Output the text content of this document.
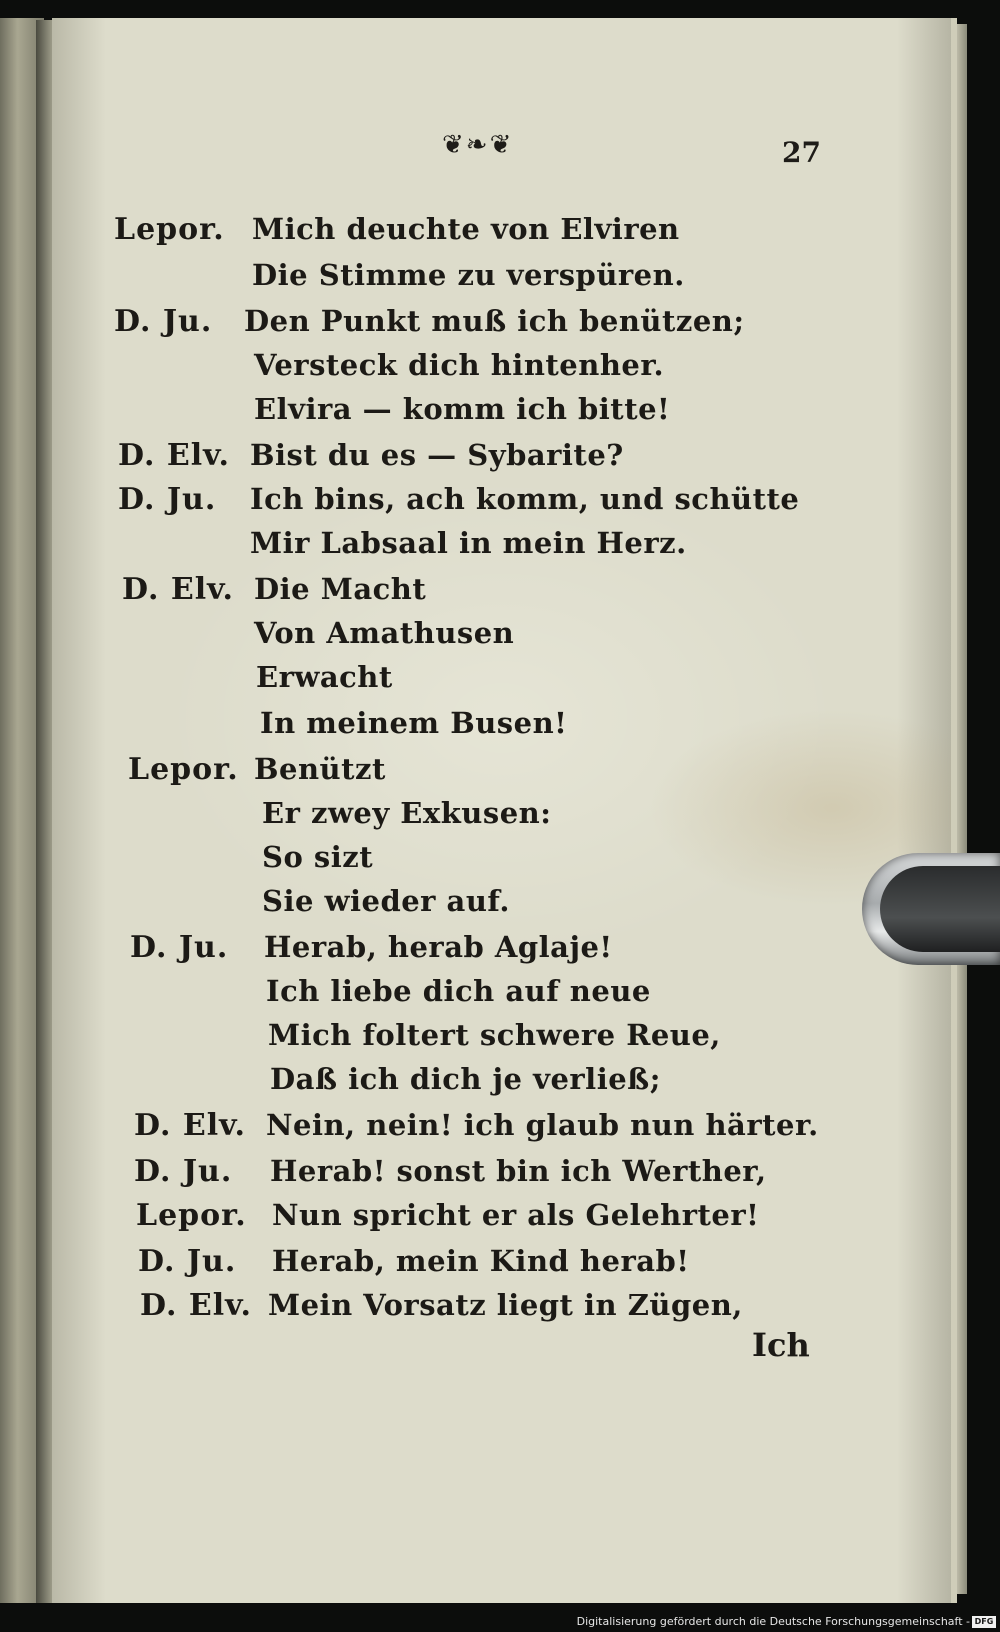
❦❧❦	27
Lepor. Mich deuchte von Elviren
Die Stimme zu verspüren.
D. Ju. Den Punkt muß ich benützen;
Versteck dich hintenher.
Elvira — komm ich bitte!
D. Elv. Bist du es — Sybarite?
D. Ju. Ich bins, ach komm, und schütte
Mir Labsaal in mein Herz.
D. Elv. Die Macht
Von Amathusen
Erwacht
In meinem Busen!
Lepor. Benützt
Er zwey Exkusen:
So sizt
Sie wieder auf.
D. Ju. Herab, herab Aglaje!
Ich liebe dich auf neue
Mich foltert schwere Reue,
Daß ich dich je verließ;
D. Elv. Nein, nein! ich glaub nun härter.
D. Ju. Herab! sonst bin ich Werther,
Lepor. Nun spricht er als Gelehrter!
D. Ju. Herab, mein Kind herab!
D. Elv. Mein Vorsatz liegt in Zügen,
Ich
Digitalisierung gefördert durch die Deutsche Forschungsgemeinschaft - DFG
